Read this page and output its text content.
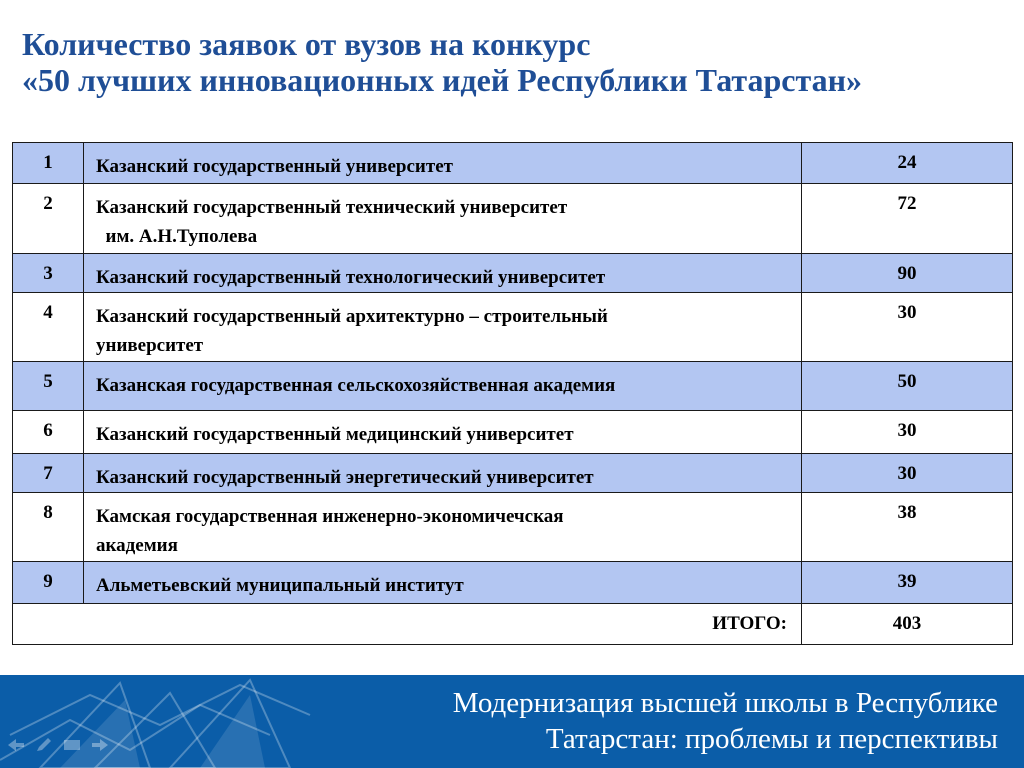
Количество заявок от вузов на конкурс
«50 лучших инновационных идей Республики Татарстан»
1	Казанский государственный университет	24
2	Казанский государственный технический университет
им. А.Н.Туполева	72
3	Казанский государственный технологический университет	90
4	Казанский государственный архитектурно – строительный
университет	30
5	Казанская государственная сельскохозяйственная академия	50
6	Казанский государственный медицинский университет	30
7	Казанский государственный энергетический университет	30
8	Камская государственная инженерно-экономичечская
академия	38
9	Альметьевский муниципальный институт	39
ИТОГО:		403
Модернизация высшей школы в Республике
Татарстан: проблемы и перспективы
